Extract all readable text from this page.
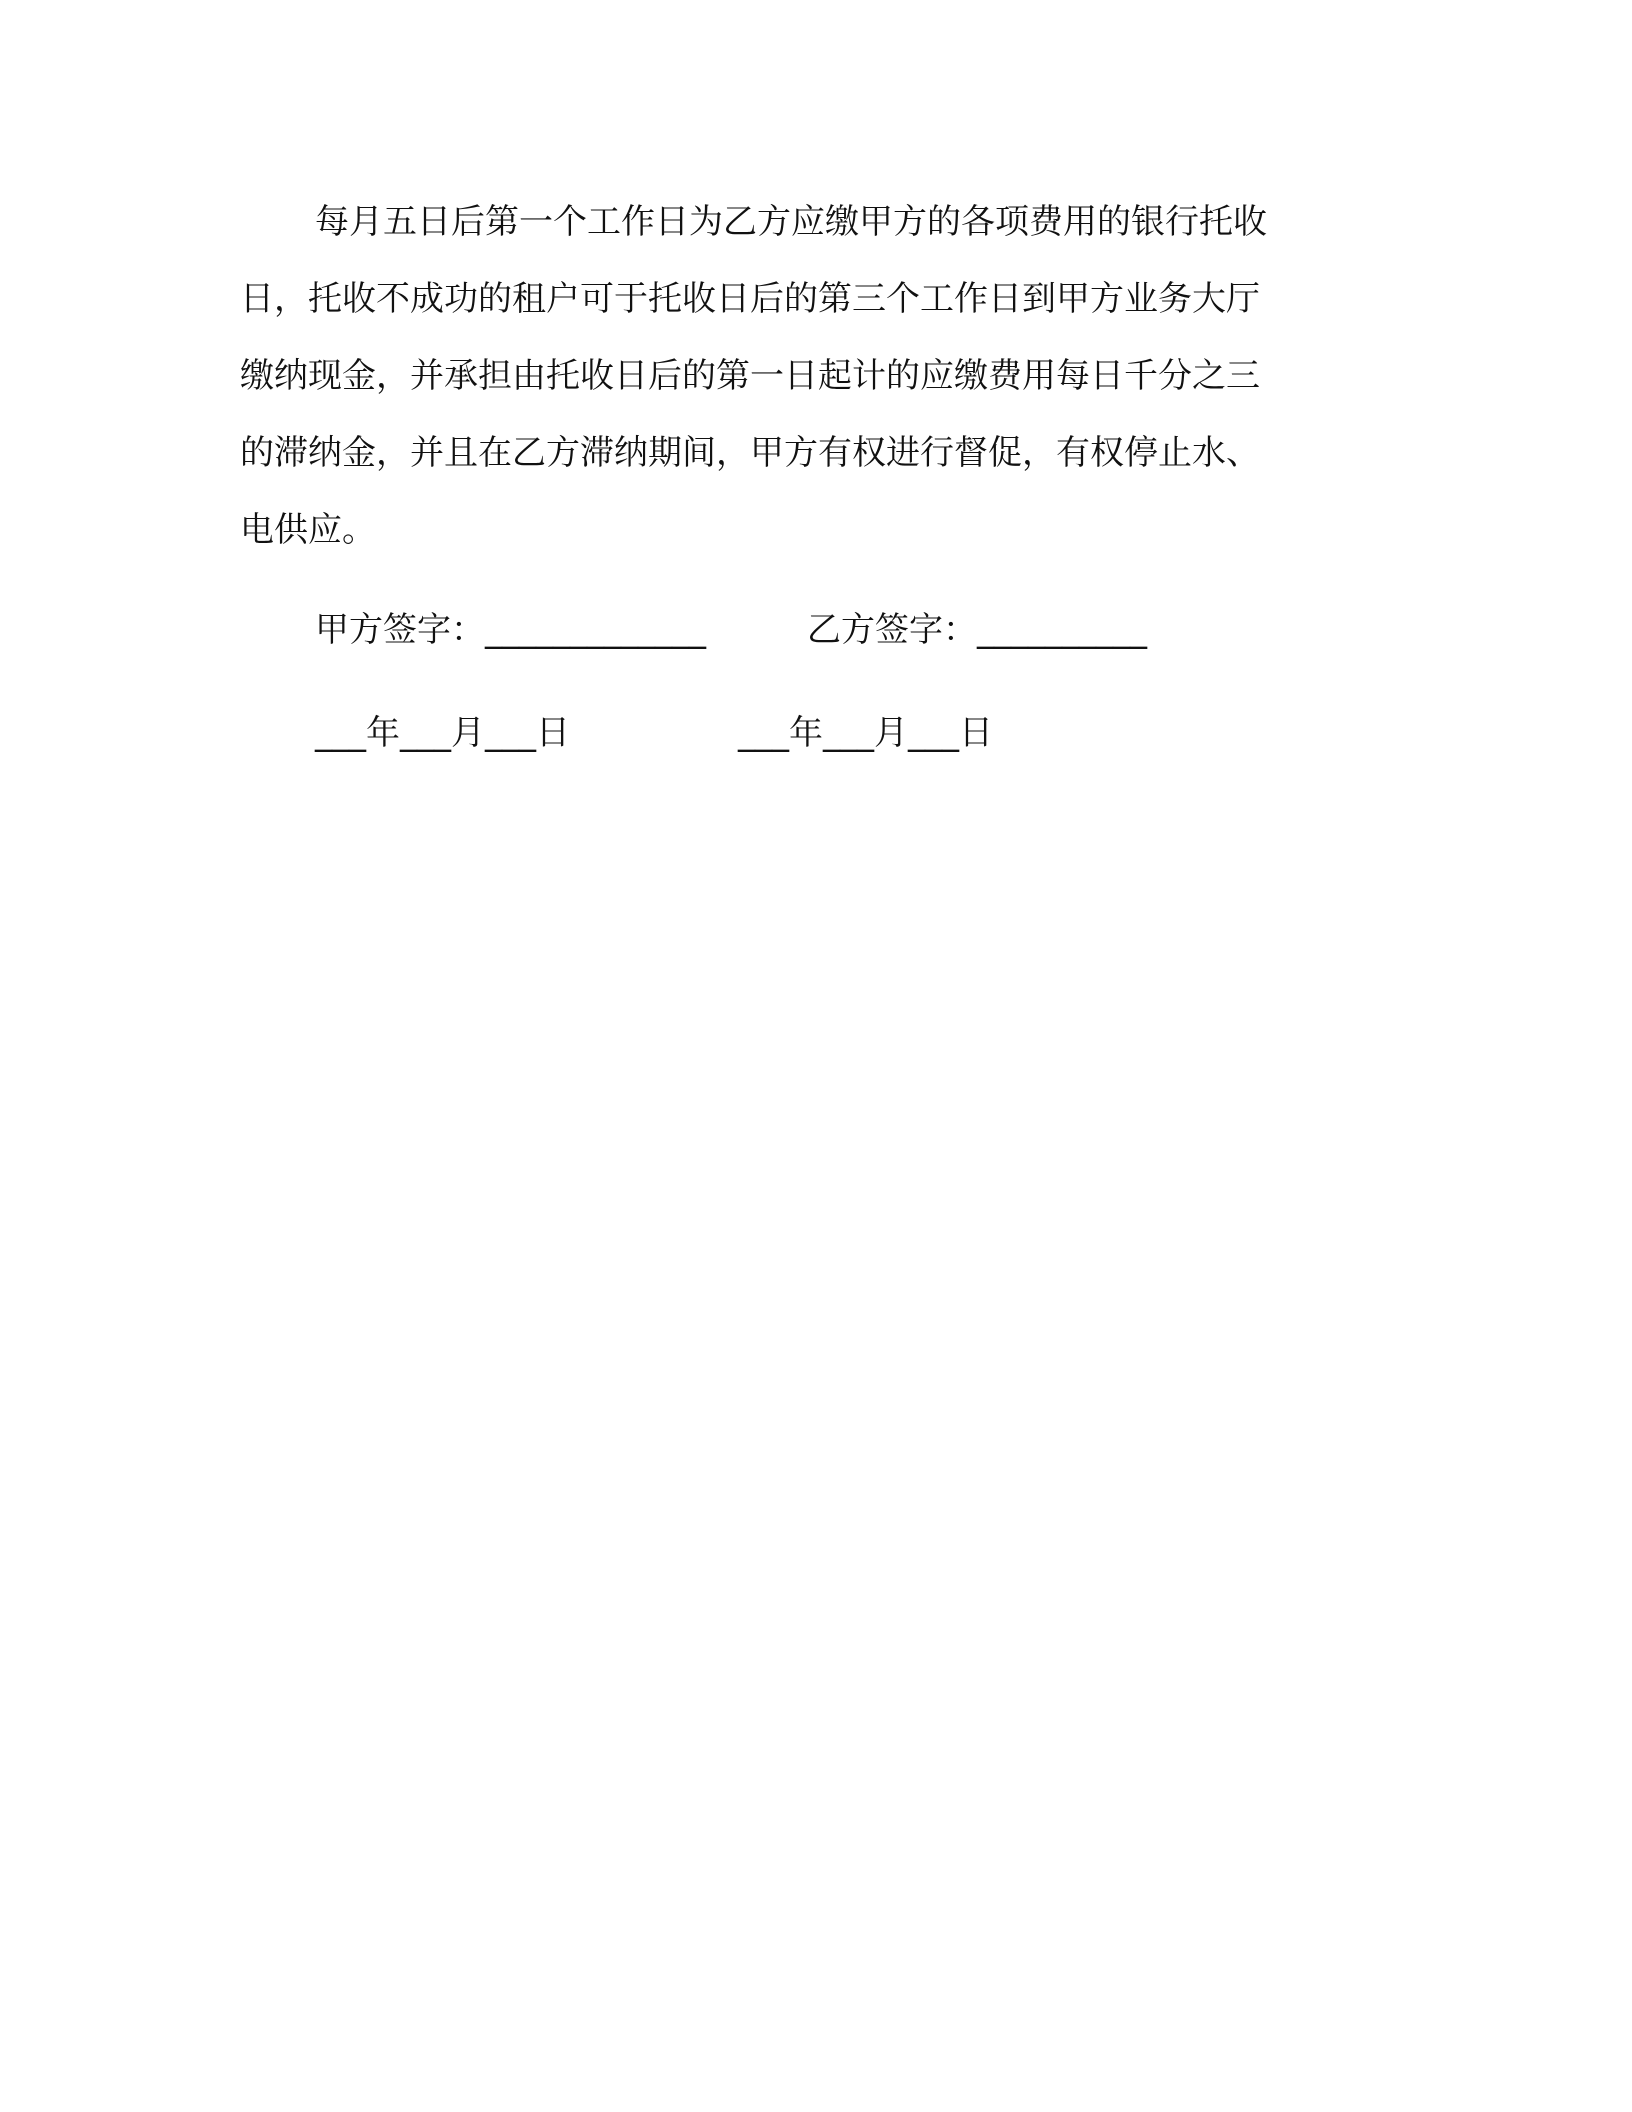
每月五日后第一个工作日为乙方应缴甲方的各项费用的银行托收
日，托收不成功的租户可于托收日后的第三个工作日到甲方业务大厅
缴纳现金，并承担由托收日后的第一日起计的应缴费用每日千分之三
的滞纳金，并且在乙方滞纳期间，甲方有权进行督促，有权停止水、
电供应。
甲方签字：_____________	乙方签字：__________
___年___月___日	___年___月___日
